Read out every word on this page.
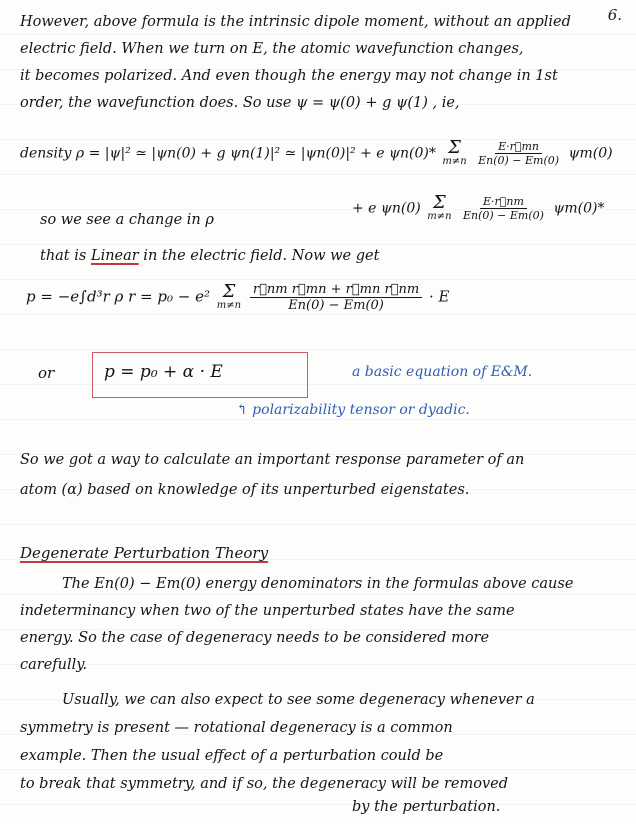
6.
However, above formula is the intrinsic dipole moment, without an applied
electric field. When we turn on E, the atomic wavefunction changes,
it becomes polarized. And even though the energy may not change in 1st
order, the wavefunction does. So use ψ = ψ(0) + g ψ(1) , ie,
density ρ = |ψ|² ≃ |ψn(0) + g ψn(1)|² ≃ |ψn(0)|² + e ψn(0)* Σ
m≠n
$\frac{E\cdot r⃗mn}{En(0) - Em(0)} \psi m(0)$
+ e ψn(0) Σ
m≠n
$\frac{E\cdot r⃗nm}{En(0) - Em(0)} \psi m(0)*$
so we see a change in ρ
that is Linear in the electric field. Now we get
p = −e∫d³r ρ r = p₀ − e² Σ
m≠n
$\frac{\text{r⃗nm r⃗mn + r⃗mn r⃗nm}}{En(0) - Em(0)} \cdot E$
or	p = p₀ + α · E	a basic equation of E&M.
↰ polarizability tensor or dyadic.
So we got a way to calculate an important response parameter of an
atom (α) based on knowledge of its unperturbed eigenstates.
Degenerate Perturbation Theory
The En(0) − Em(0) energy denominators in the formulas above cause
indeterminancy when two of the unperturbed states have the same
energy. So the case of degeneracy needs to be considered more
carefully.
Usually, we can also expect to see some degeneracy whenever a
symmetry is present — rotational degeneracy is a common
example. Then the usual effect of a perturbation could be
to break that symmetry, and if so, the degeneracy will be removed
by the perturbation.
